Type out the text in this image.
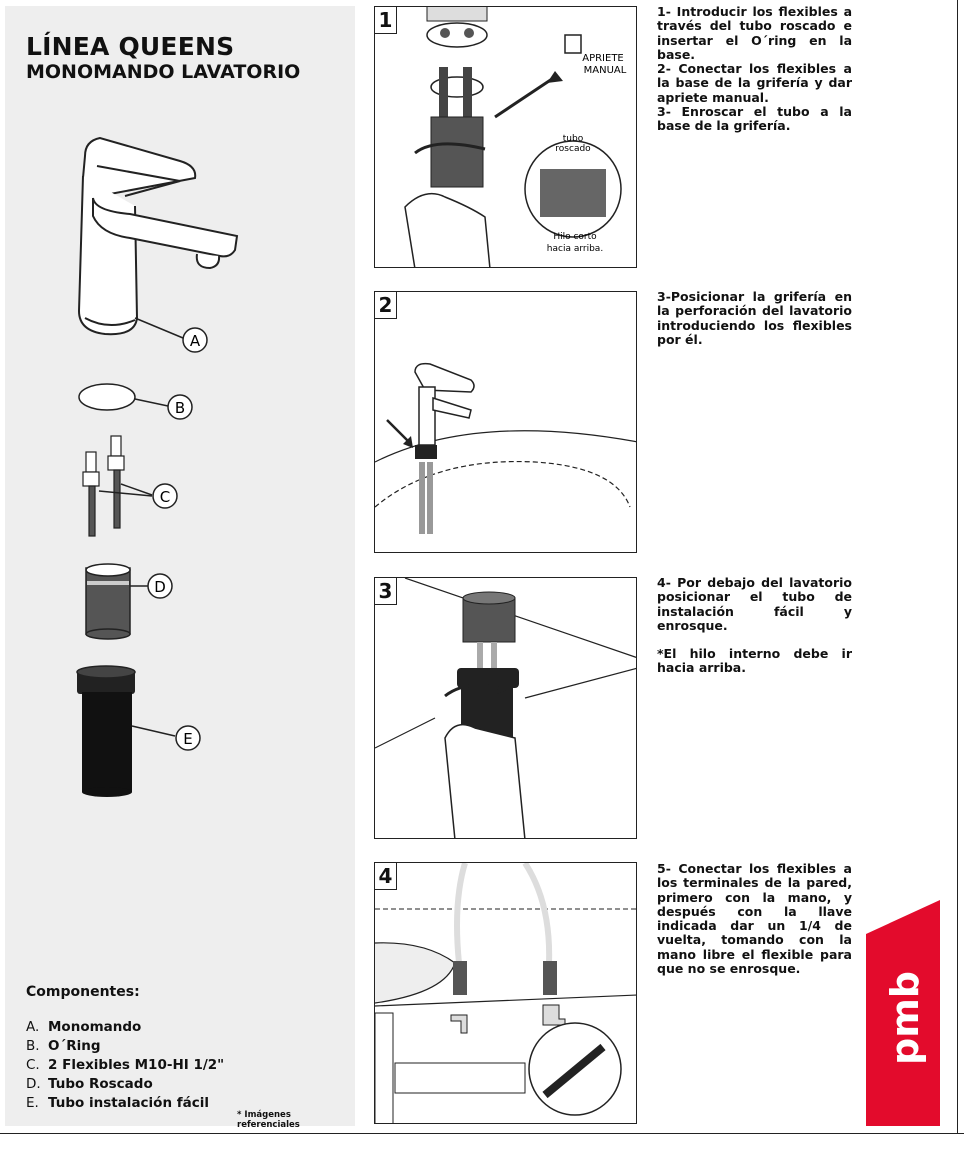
LÍNEA QUEENS
MONOMANDO LAVATORIO
A
B
C
D
E
Componentes:
A. Monomando
B. O´Ring
C. 2 Flexibles M10-HI 1/2"
D. Tubo Roscado
E. Tubo instalación fácil
* Imágenes referenciales
1
APRIETE
MANUAL
tubo
roscado
Hilo corto
hacia arriba.

1- Introducir los flexibles a través del tubo roscado e insertar el O´ring en la base.

2- Conectar los flexibles a la base de la grifería y dar apriete manual.

3- Enroscar el tubo a la base de la grifería.

2	3-Posicionar la grifería en la perforación del lavatorio introduciendo los flexibles por él.

3	4- Por debajo del lavatorio posicionar el tubo de instalación fácil y enrosque.

*El hilo interno debe ir hacia arriba.

4	5- Conectar los flexibles a los terminales de la pared, primero con la mano, y después con la llave indicada dar un 1/4 de vuelta, tomando con la mano libre el flexible para que no se enrosque.

pmb
